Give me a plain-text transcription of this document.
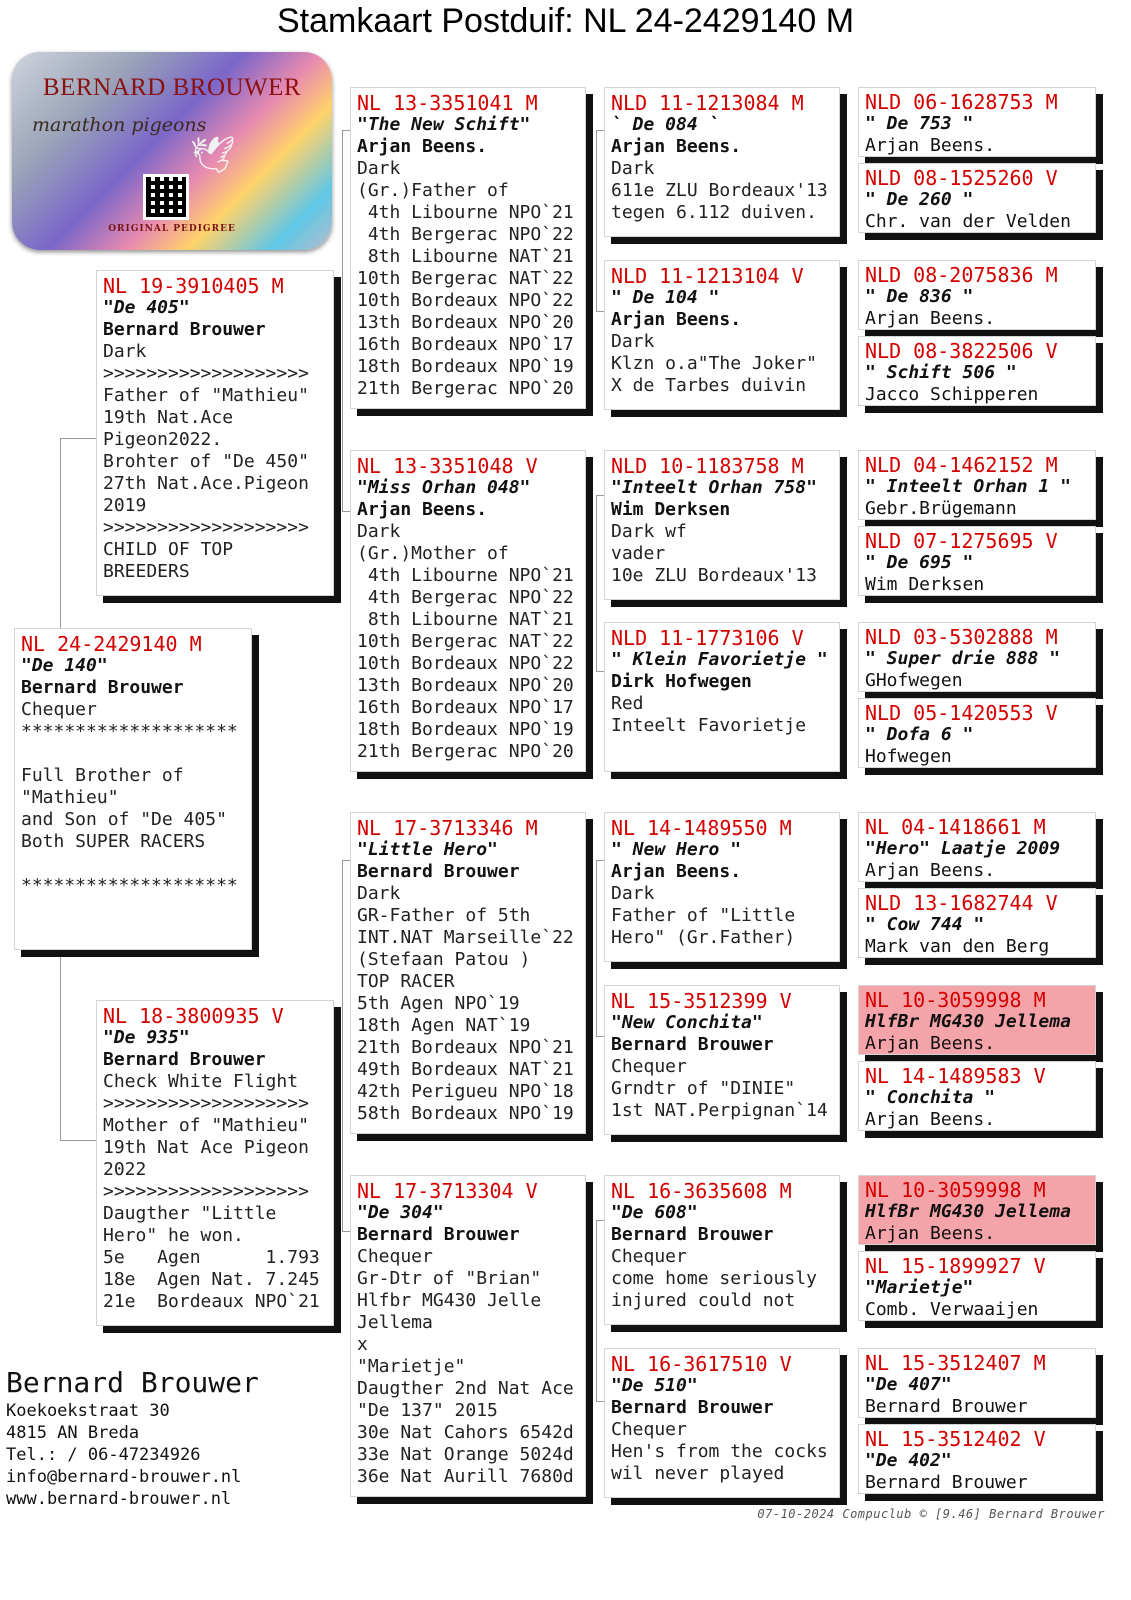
Stamkaart Postduif: NL 24-2429140 M
BERNARD BROUWER
marathon pigeons
🕊
ORIGINAL PEDIGREE
NL 24-2429140 M
"De 140"
Bernard Brouwer
Chequer
********************
Full Brother of
"Mathieu"
and Son of "De 405"
Both SUPER RACERS
********************
NL 19-3910405 M
"De 405"
Bernard Brouwer
Dark
>>>>>>>>>>>>>>>>>>>
Father of "Mathieu"
19th Nat.Ace
Pigeon2022.
Brohter of "De 450"
27th Nat.Ace.Pigeon
2019
>>>>>>>>>>>>>>>>>>>
CHILD OF TOP
BREEDERS
NL 18-3800935 V
"De 935"
Bernard Brouwer
Check White Flight
>>>>>>>>>>>>>>>>>>>
Mother of "Mathieu"
19th Nat Ace Pigeon
2022
>>>>>>>>>>>>>>>>>>>
Daugther "Little
Hero" he won.
5e   Agen      1.793
18e  Agen Nat. 7.245
21e  Bordeaux NPO`21
NL 13-3351041 M
"The New Schift"
Arjan Beens.
Dark
(Gr.)Father of
4th Libourne NPO`21
4th Bergerac NPO`22
8th Libourne NAT`21
10th Bergerac NAT`22
10th Bordeaux NPO`22
13th Bordeaux NPO`20
16th Bordeaux NPO`17
18th Bordeaux NPO`19
21th Bergerac NPO`20
NL 13-3351048 V
"Miss Orhan 048"
Arjan Beens.
Dark
(Gr.)Mother of
4th Libourne NPO`21
4th Bergerac NPO`22
8th Libourne NAT`21
10th Bergerac NAT`22
10th Bordeaux NPO`22
13th Bordeaux NPO`20
16th Bordeaux NPO`17
18th Bordeaux NPO`19
21th Bergerac NPO`20
NL 17-3713346 M
"Little Hero"
Bernard Brouwer
Dark
GR-Father of 5th
INT.NAT Marseille`22
(Stefaan Patou )
TOP RACER
5th Agen NPO`19
18th Agen NAT`19
21th Bordeaux NPO`21
49th Bordeaux NAT`21
42th Perigueu NPO`18
58th Bordeaux NPO`19
NL 17-3713304 V
"De 304"
Bernard Brouwer
Chequer
Gr-Dtr of "Brian"
Hlfbr MG430 Jelle
Jellema
x
"Marietje"
Daugther 2nd Nat Ace
"De 137" 2015
30e Nat Cahors 6542d
33e Nat Orange 5024d
36e Nat Aurill 7680d
NLD 11-1213084 M
` De 084 `
Arjan Beens.
Dark
611e ZLU Bordeaux'13
tegen 6.112 duiven.
NLD 11-1213104 V
" De 104 "
Arjan Beens.
Dark
Klzn o.a"The Joker"
X de Tarbes duivin
NLD 10-1183758 M
"Inteelt Orhan 758"
Wim Derksen
Dark wf
vader
10e ZLU Bordeaux'13
NLD 11-1773106 V
" Klein Favorietje "
Dirk Hofwegen
Red
Inteelt Favorietje
NL 14-1489550 M
" New Hero "
Arjan Beens.
Dark
Father of "Little
Hero" (Gr.Father)
NL 15-3512399 V
"New Conchita"
Bernard Brouwer
Chequer
Grndtr of "DINIE"
1st NAT.Perpignan`14
NL 16-3635608 M
"De 608"
Bernard Brouwer
Chequer
come home seriously
injured could not
NL 16-3617510 V
"De 510"
Bernard Brouwer
Chequer
Hen's from the cocks
wil never played
NLD 06-1628753 M
" De 753 "
Arjan Beens.
NLD 08-1525260 V
" De 260 "
Chr. van der Velden
NLD 08-2075836 M
" De 836 "
Arjan Beens.
NLD 08-3822506 V
" Schift 506 "
Jacco Schipperen
NLD 04-1462152 M
" Inteelt Orhan 1 "
Gebr.Brügemann
NLD 07-1275695 V
" De 695 "
Wim Derksen
NLD 03-5302888 M
" Super drie 888 "
GHofwegen
NLD 05-1420553 V
" Dofa 6 "
Hofwegen
NL 04-1418661 M
"Hero" Laatje 2009
Arjan Beens.
NLD 13-1682744 V
" Cow 744 "
Mark van den Berg
NL 10-3059998 M
HlfBr MG430 Jellema
Arjan Beens.
NL 14-1489583 V
" Conchita "
Arjan Beens.
NL 10-3059998 M
HlfBr MG430 Jellema
Arjan Beens.
NL 15-1899927 V
"Marietje"
Comb. Verwaaijen
NL 15-3512407 M
"De 407"
Bernard Brouwer
NL 15-3512402 V
"De 402"
Bernard Brouwer
Bernard Brouwer
Koekoekstraat 30
4815 AN Breda
Tel.: / 06-47234926
info@bernard-brouwer.nl
www.bernard-brouwer.nl
07-10-2024 Compuclub © [9.46] Bernard Brouwer
